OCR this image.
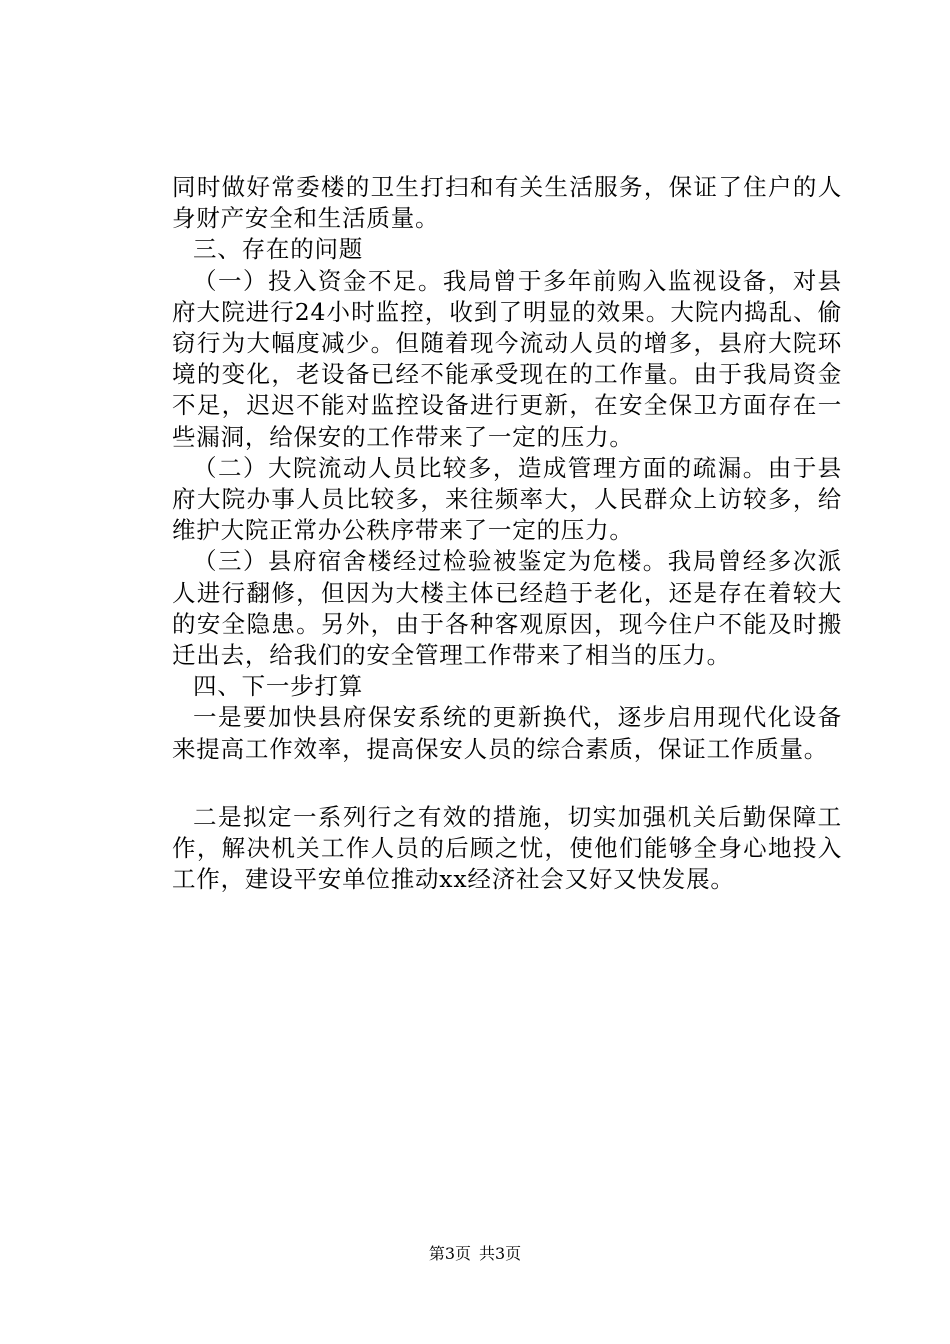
同时做好常委楼的卫生打扫和有关生活服务，保证了住户的人身财产安全和生活质量。

三、存在的问题

（一）投入资金不足。我局曾于多年前购入监视设备，对县府大院进行24小时监控，收到了明显的效果。大院内捣乱、偷窃行为大幅度减少。但随着现今流动人员的增多，县府大院环境的变化，老设备已经不能承受现在的工作量。由于我局资金不足，迟迟不能对监控设备进行更新，在安全保卫方面存在一些漏洞，给保安的工作带来了一定的压力。

（二）大院流动人员比较多，造成管理方面的疏漏。由于县府大院办事人员比较多，来往频率大，人民群众上访较多，给维护大院正常办公秩序带来了一定的压力。

（三）县府宿舍楼经过检验被鉴定为危楼。我局曾经多次派人进行翻修，但因为大楼主体已经趋于老化，还是存在着较大的安全隐患。另外，由于各种客观原因，现今住户不能及时搬迁出去，给我们的安全管理工作带来了相当的压力。

四、下一步打算

一是要加快县府保安系统的更新换代，逐步启用现代化设备来提高工作效率，提高保安人员的综合素质，保证工作质量。

二是拟定一系列行之有效的措施，切实加强机关后勤保障工作，解决机关工作人员的后顾之忧，使他们能够全身心地投入工作，建设平安单位推动xx经济社会又好又快发展。

第3页 共3页
